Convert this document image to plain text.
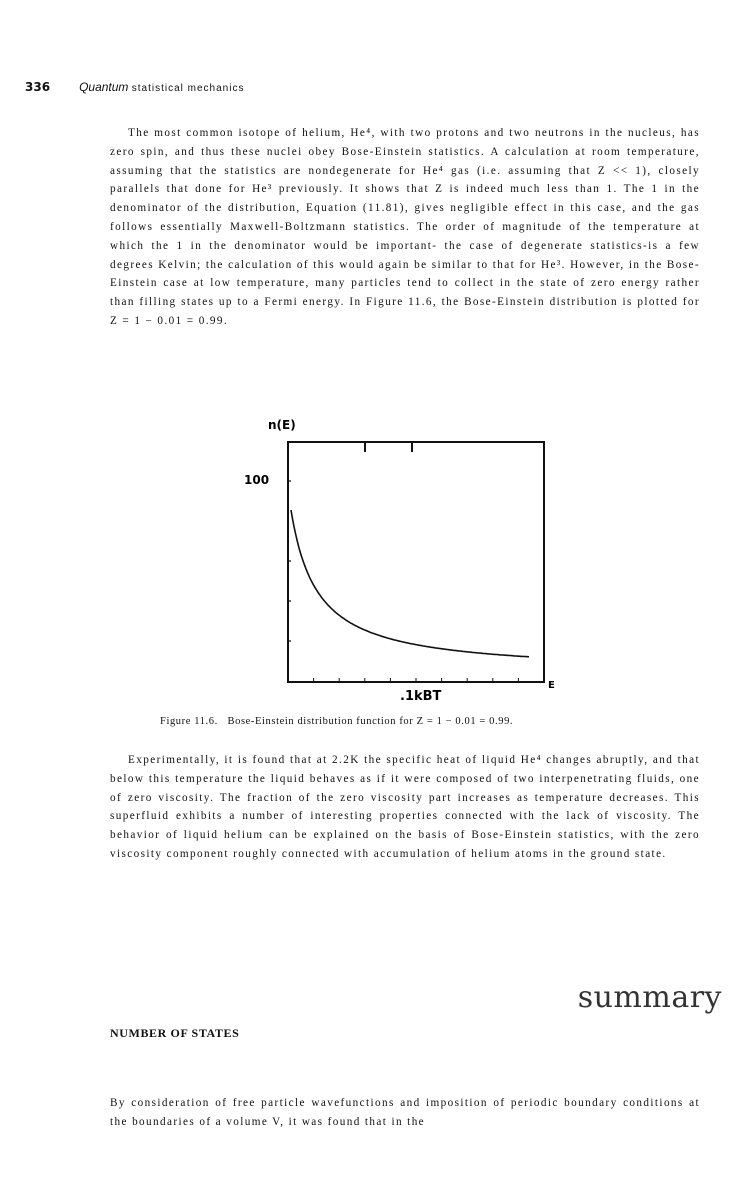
336 Quantum statistical mechanics

The most common isotope of helium, He⁴, with two protons and two neutrons in the nucleus, has zero spin, and thus these nuclei obey Bose-Einstein statistics. A calculation at room temperature, assuming that the statistics are nondegenerate for He⁴ gas (i.e. assuming that Z << 1), closely parallels that done for He³ previously. It shows that Z is indeed much less than 1. The 1 in the denominator of the distribution, Equation (11.81), gives negligible effect in this case, and the gas follows essentially Maxwell-Boltzmann statistics. The order of magnitude of the temperature at which the 1 in the denominator would be important- the case of degenerate statistics-is a few degrees Kelvin; the calculation of this would again be similar to that for He³. However, in the Bose-Einstein case at low temperature, many particles tend to collect in the state of zero energy rather than filling states up to a Fermi energy. In Figure 11.6, the Bose-Einstein distribution is plotted for Z = 1 − 0.01 = 0.99.

n(E)
100
.1kBT
E
Figure 11.6.   Bose-Einstein distribution function for Z = 1 − 0.01 = 0.99.

Experimentally, it is found that at 2.2K the specific heat of liquid He⁴ changes abruptly, and that below this temperature the liquid behaves as if it were composed of two interpenetrating fluids, one of zero viscosity. The fraction of the zero viscosity part increases as temperature decreases. This superfluid exhibits a number of interesting properties connected with the lack of viscosity. The behavior of liquid helium can be explained on the basis of Bose-Einstein statistics, with the zero viscosity component roughly connected with accumulation of helium atoms in the ground state.

summary
NUMBER OF STATES

By consideration of free particle wavefunctions and imposition of periodic boundary conditions at the boundaries of a volume V, it was found that in the
